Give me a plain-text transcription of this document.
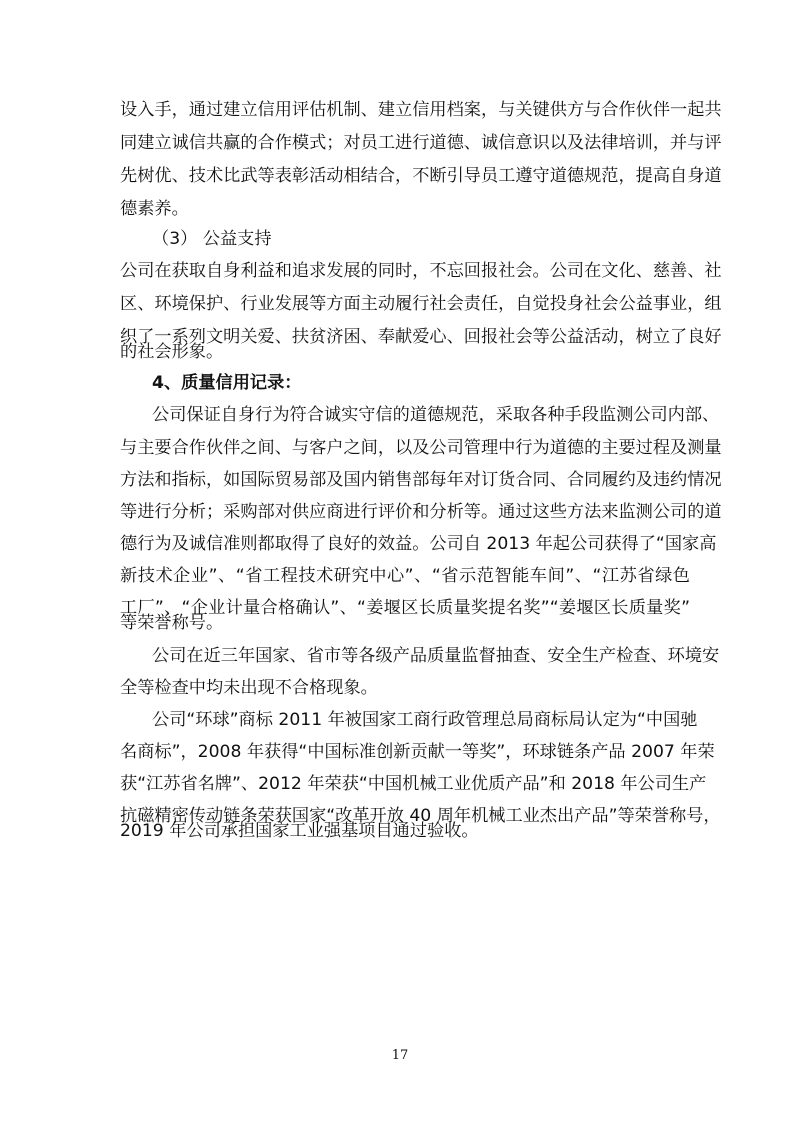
设入手，通过建立信用评估机制、建立信用档案，与关键供方与合作伙伴一起共
同建立诚信共赢的合作模式；对员工进行道德、诚信意识以及法律培训，并与评
先树优、技术比武等表彰活动相结合，不断引导员工遵守道德规范，提高自身道
德素养。
（3） 公益支持
公司在获取自身利益和追求发展的同时，不忘回报社会。公司在文化、慈善、社
区、环境保护、行业发展等方面主动履行社会责任，自觉投身社会公益事业，组
织了一系列文明关爱、扶贫济困、奉献爱心、回报社会等公益活动，树立了良好
的社会形象。
4、质量信用记录：
公司保证自身行为符合诚实守信的道德规范，采取各种手段监测公司内部、
与主要合作伙伴之间、与客户之间，以及公司管理中行为道德的主要过程及测量
方法和指标，如国际贸易部及国内销售部每年对订货合同、合同履约及违约情况
等进行分析；采购部对供应商进行评价和分析等。通过这些方法来监测公司的道
德行为及诚信准则都取得了良好的效益。公司自 2013 年起公司获得了“国家高
新技术企业”、“省工程技术研究中心”、“省示范智能车间”、“江苏省绿色
工厂”、“企业计量合格确认”、“姜堰区长质量奖提名奖”“姜堰区长质量奖”
等荣誉称号。
公司在近三年国家、省市等各级产品质量监督抽查、安全生产检查、环境安
全等检查中均未出现不合格现象。
公司“环球”商标 2011 年被国家工商行政管理总局商标局认定为“中国驰
名商标”，2008 年获得“中国标准创新贡献一等奖”，环球链条产品 2007 年荣
获“江苏省名牌”、2012 年荣获“中国机械工业优质产品”和 2018 年公司生产
抗磁精密传动链条荣获国家“改革开放 40 周年机械工业杰出产品”等荣誉称号，
2019 年公司承担国家工业强基项目通过验收。
17
